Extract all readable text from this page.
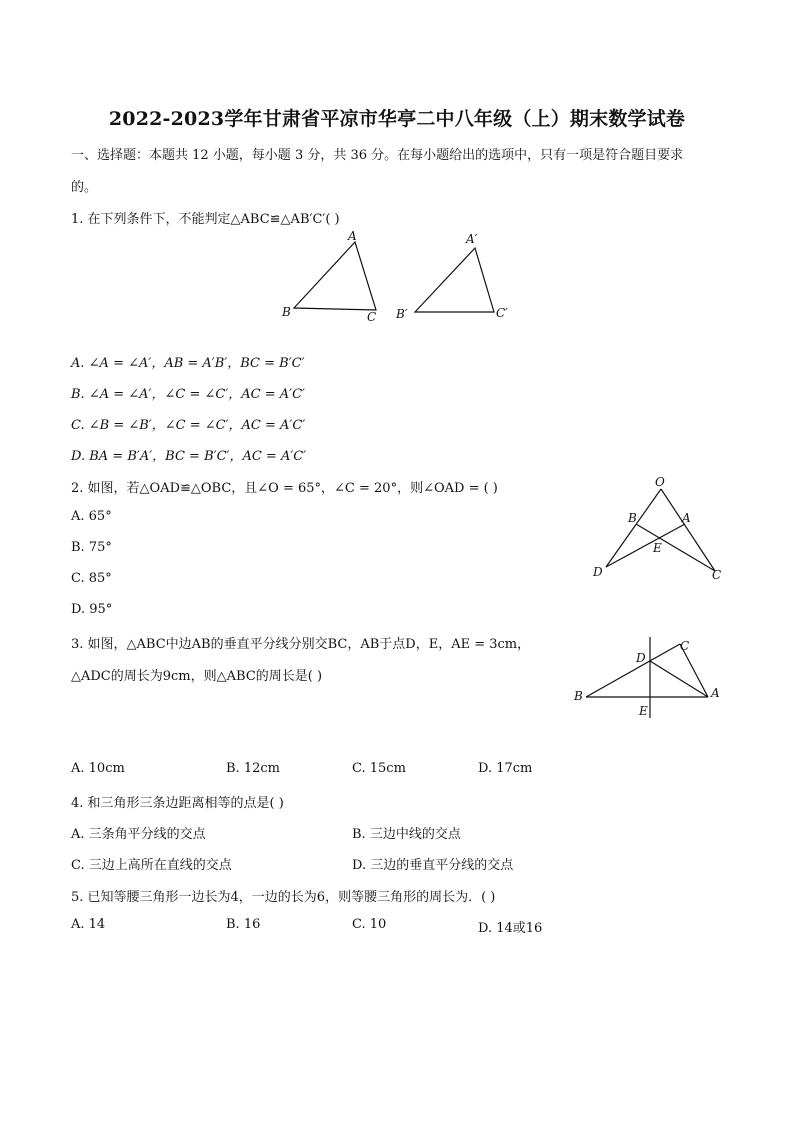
2022-2023学年甘肃省平凉市华亭二中八年级（上）期末数学试卷
一、选择题：本题共 12 小题，每小题 3 分，共 36 分。在每小题给出的选项中，只有一项是符合题目要求
的。
1. 在下列条件下，不能判定△ABC≌△AB′C′( )
A
B	C
A′
B′	C′
A. ∠A = ∠A′，AB = A′B′，BC = B′C′
B. ∠A = ∠A′，∠C = ∠C′，AC = A′C′
C. ∠B = ∠B′，∠C = ∠C′，AC = A′C′
D. BA = B′A′，BC = B′C′，AC = A′C′
2. 如图，若△OAD≌△OBC，且∠O = 65°，∠C = 20°，则∠OAD = ( )	O
B	A
E
D	C
A. 65°
B. 75°
C. 85°
D. 95°
3. 如图，△ABC中边AB的垂直平分线分别交BC，AB于点D，E，AE = 3cm，
△ADC的周长为9cm，则△ABC的周长是( )
C
D
B	A
E
A. 10cm	B. 12cm	C. 15cm	D. 17cm
4. 和三角形三条边距离相等的点是( )
A. 三条角平分线的交点	B. 三边中线的交点
C. 三边上高所在直线的交点	D. 三边的垂直平分线的交点
5. 已知等腰三角形一边长为4，一边的长为6，则等腰三角形的周长为．( )
A. 14	B. 16	C. 10	D. 14或16
